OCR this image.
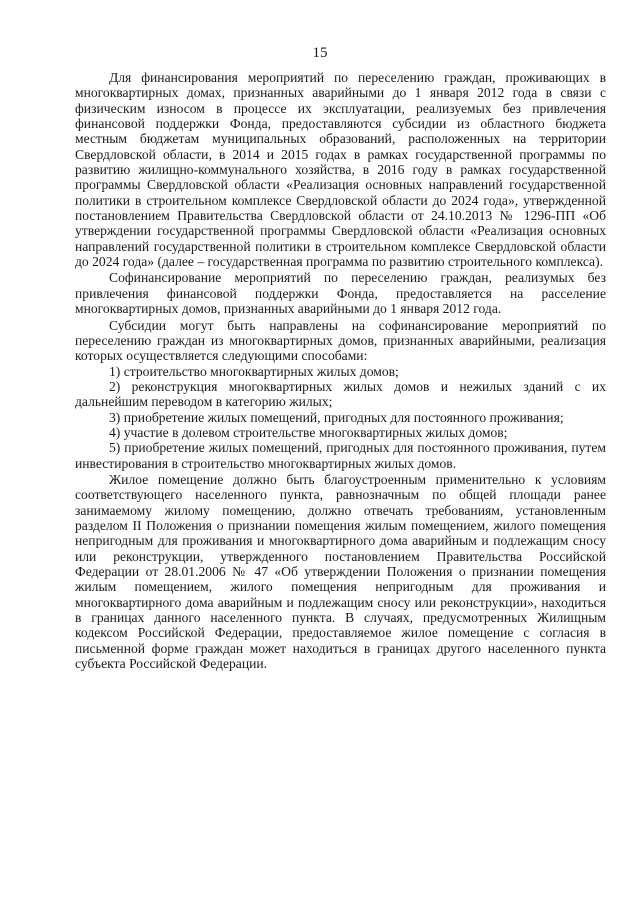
15

Для финансирования мероприятий по переселению граждан, проживающих в многоквартирных домах, признанных аварийными до 1 января 2012 года в связи с физическим износом в процессе их эксплуатации, реализуемых без привлечения финансовой поддержки Фонда, предоставляются субсидии из областного бюджета местным бюджетам муниципальных образований, расположенных на территории Свердловской области, в 2014 и 2015 годах в рамках государственной программы по развитию жилищно-коммунального хозяйства, в 2016 году в рамках государственной программы Свердловской области «Реализация основных направлений государственной политики в строительном комплексе Свердловской области до 2024 года», утвержденной постановлением Правительства Свердловской области от 24.10.2013 № 1296-ПП «Об утверждении государственной программы Свердловской области «Реализация основных направлений государственной политики в строительном комплексе Свердловской области до 2024 года» (далее – государственная программа по развитию строительного комплекса).

Софинансирование мероприятий по переселению граждан, реализумых без привлечения финансовой поддержки Фонда, предоставляется на расселение многоквартирных домов, признанных аварийными до 1 января 2012 года.

Субсидии могут быть направлены на софинансирование мероприятий по переселению граждан из многоквартирных домов, признанных аварийными, реализация которых осуществляется следующими способами:

1) строительство многоквартирных жилых домов;

2) реконструкция многоквартирных жилых домов и нежилых зданий с их дальнейшим переводом в категорию жилых;

3) приобретение жилых помещений, пригодных для постоянного проживания;

4) участие в долевом строительстве многоквартирных жилых домов;

5) приобретение жилых помещений, пригодных для постоянного проживания, путем инвестирования в строительство многоквартирных жилых домов.

Жилое помещение должно быть благоустроенным применительно к условиям соответствующего населенного пункта, равнозначным по общей площади ранее занимаемому жилому помещению, должно отвечать требованиям, установленным разделом II Положения о признании помещения жилым помещением, жилого помещения непригодным для проживания и многоквартирного дома аварийным и подлежащим сносу или реконструкции, утвержденного постановлением Правительства Российской Федерации от 28.01.2006 № 47 «Об утверждении Положения о признании помещения жилым помещением, жилого помещения непригодным для проживания и многоквартирного дома аварийным и подлежащим сносу или реконструкции», находиться в границах данного населенного пункта. В случаях, предусмотренных Жилищным кодексом Российской Федерации, предоставляемое жилое помещение с согласия в письменной форме граждан может находиться в границах другого населенного пункта субъекта Российской Федерации.
